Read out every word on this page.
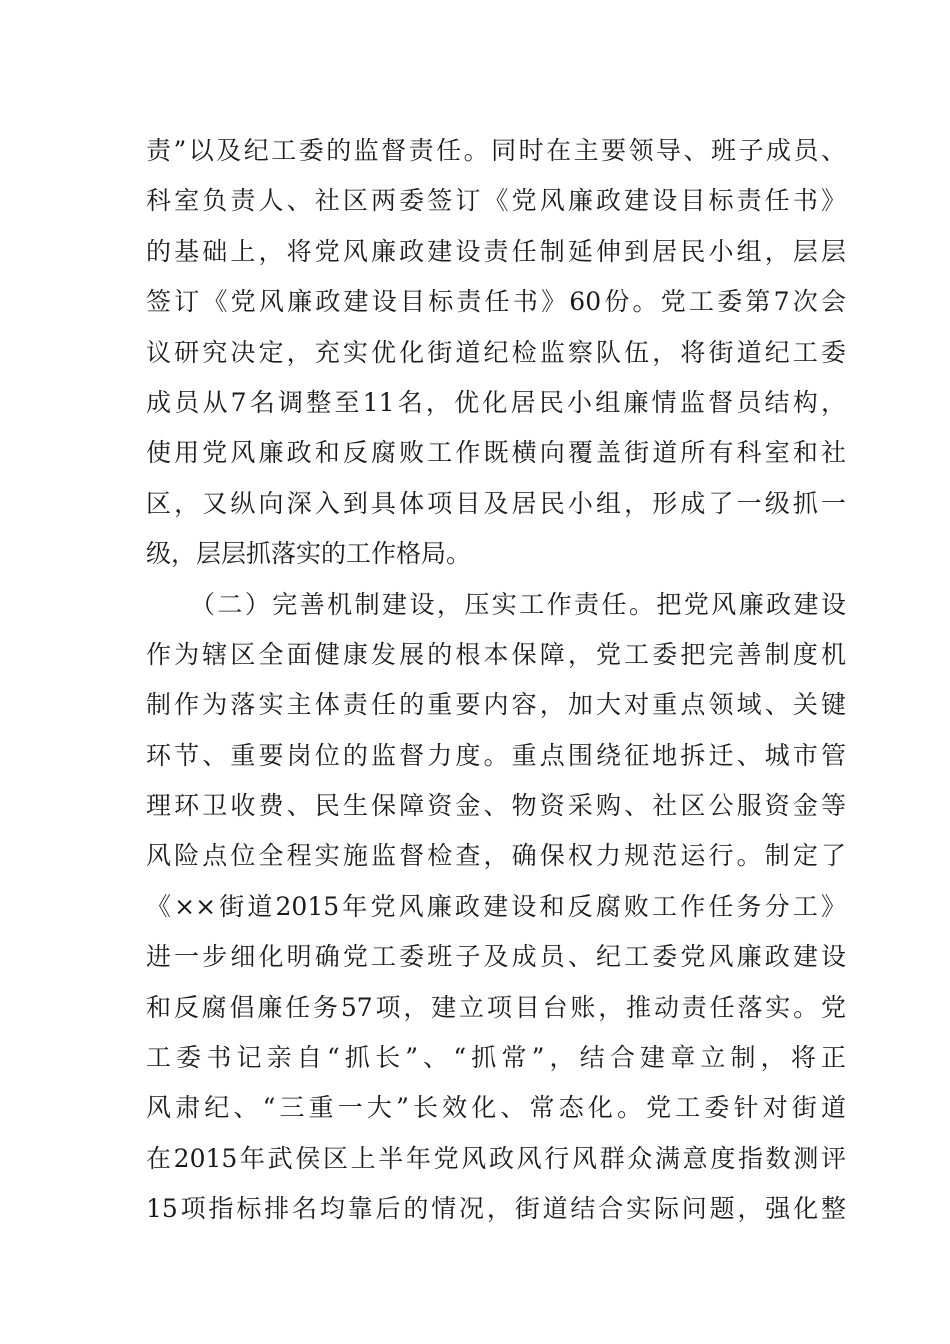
责”以及纪工委的监督责任。同时在主要领导、班子成员、
科室负责人、社区两委签订《党风廉政建设目标责任书》
的基础上，将党风廉政建设责任制延伸到居民小组，层层
签订《党风廉政建设目标责任书》60份。党工委第7次会
议研究决定，充实优化街道纪检监察队伍，将街道纪工委
成员从7名调整至11名，优化居民小组廉情监督员结构，
使用党风廉政和反腐败工作既横向覆盖街道所有科室和社
区，又纵向深入到具体项目及居民小组，形成了一级抓一
级，层层抓落实的工作格局。
（二）完善机制建设，压实工作责任。把党风廉政建设
作为辖区全面健康发展的根本保障，党工委把完善制度机
制作为落实主体责任的重要内容，加大对重点领域、关键
环节、重要岗位的监督力度。重点围绕征地拆迁、城市管
理环卫收费、民生保障资金、物资采购、社区公服资金等
风险点位全程实施监督检查，确保权力规范运行。制定了
《××街道2015年党风廉政建设和反腐败工作任务分工》
进一步细化明确党工委班子及成员、纪工委党风廉政建设
和反腐倡廉任务57项，建立项目台账，推动责任落实。党
工委书记亲自“抓长”、“抓常”，结合建章立制，将正
风肃纪、“三重一大”长效化、常态化。党工委针对街道
在2015年武侯区上半年党风政风行风群众满意度指数测评
15项指标排名均靠后的情况，街道结合实际问题，强化整
